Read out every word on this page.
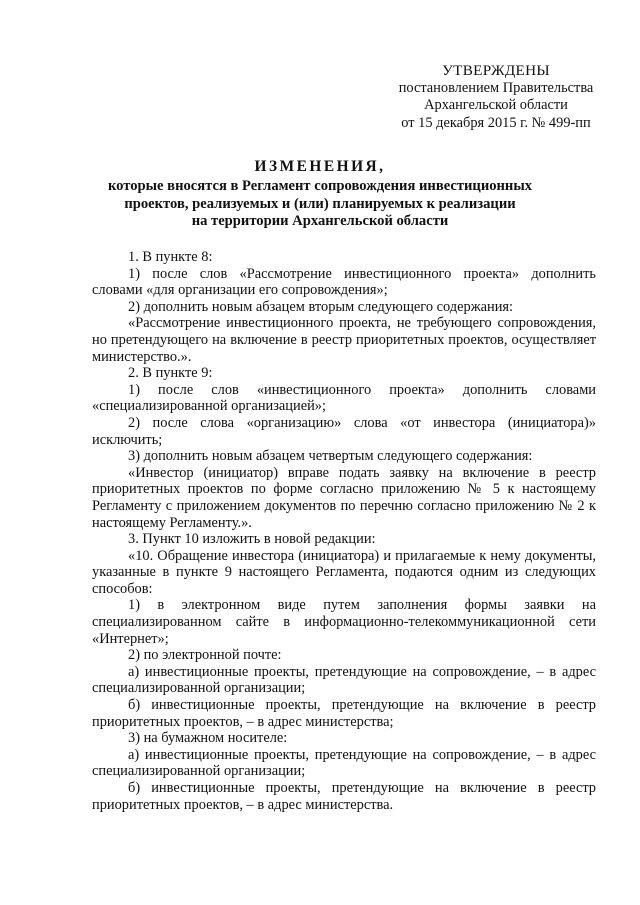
УТВЕРЖДЕНЫ
постановлением Правительства
Архангельской области
от 15 декабря 2015 г. № 499-пп
ИЗМЕНЕНИЯ,
которые вносятся в Регламент сопровождения инвестиционных
проектов, реализуемых и (или) планируемых к реализации
на территории Архангельской области

1. В пункте 8:

1) после слов «Рассмотрение инвестиционного проекта» дополнить словами «для организации его сопровождения»;

2) дополнить новым абзацем вторым следующего содержания:

«Рассмотрение инвестиционного проекта, не требующего сопровождения, но претендующего на включение в реестр приоритетных проектов, осуществляет министерство.».

2. В пункте 9:

1) после слов «инвестиционного проекта» дополнить словами «специализированной организацией»;

2) после слова «организацию» слова «от инвестора (инициатора)» исключить;

3) дополнить новым абзацем четвертым следующего содержания:

«Инвестор (инициатор) вправе подать заявку на включение в реестр приоритетных проектов по форме согласно приложению № 5 к настоящему Регламенту с приложением документов по перечню согласно приложению № 2 к настоящему Регламенту.».

3. Пункт 10 изложить в новой редакции:

«10. Обращение инвестора (инициатора) и прилагаемые к нему документы, указанные в пункте 9 настоящего Регламента, подаются одним из следующих способов:

1) в электронном виде путем заполнения формы заявки на специализированном сайте в информационно-телекоммуникационной сети «Интернет»;

2) по электронной почте:

а) инвестиционные проекты, претендующие на сопровождение, – в адрес специализированной организации;

б) инвестиционные проекты, претендующие на включение в реестр приоритетных проектов, – в адрес министерства;

3) на бумажном носителе:

а) инвестиционные проекты, претендующие на сопровождение, – в адрес специализированной организации;

б) инвестиционные проекты, претендующие на включение в реестр приоритетных проектов, – в адрес министерства.
